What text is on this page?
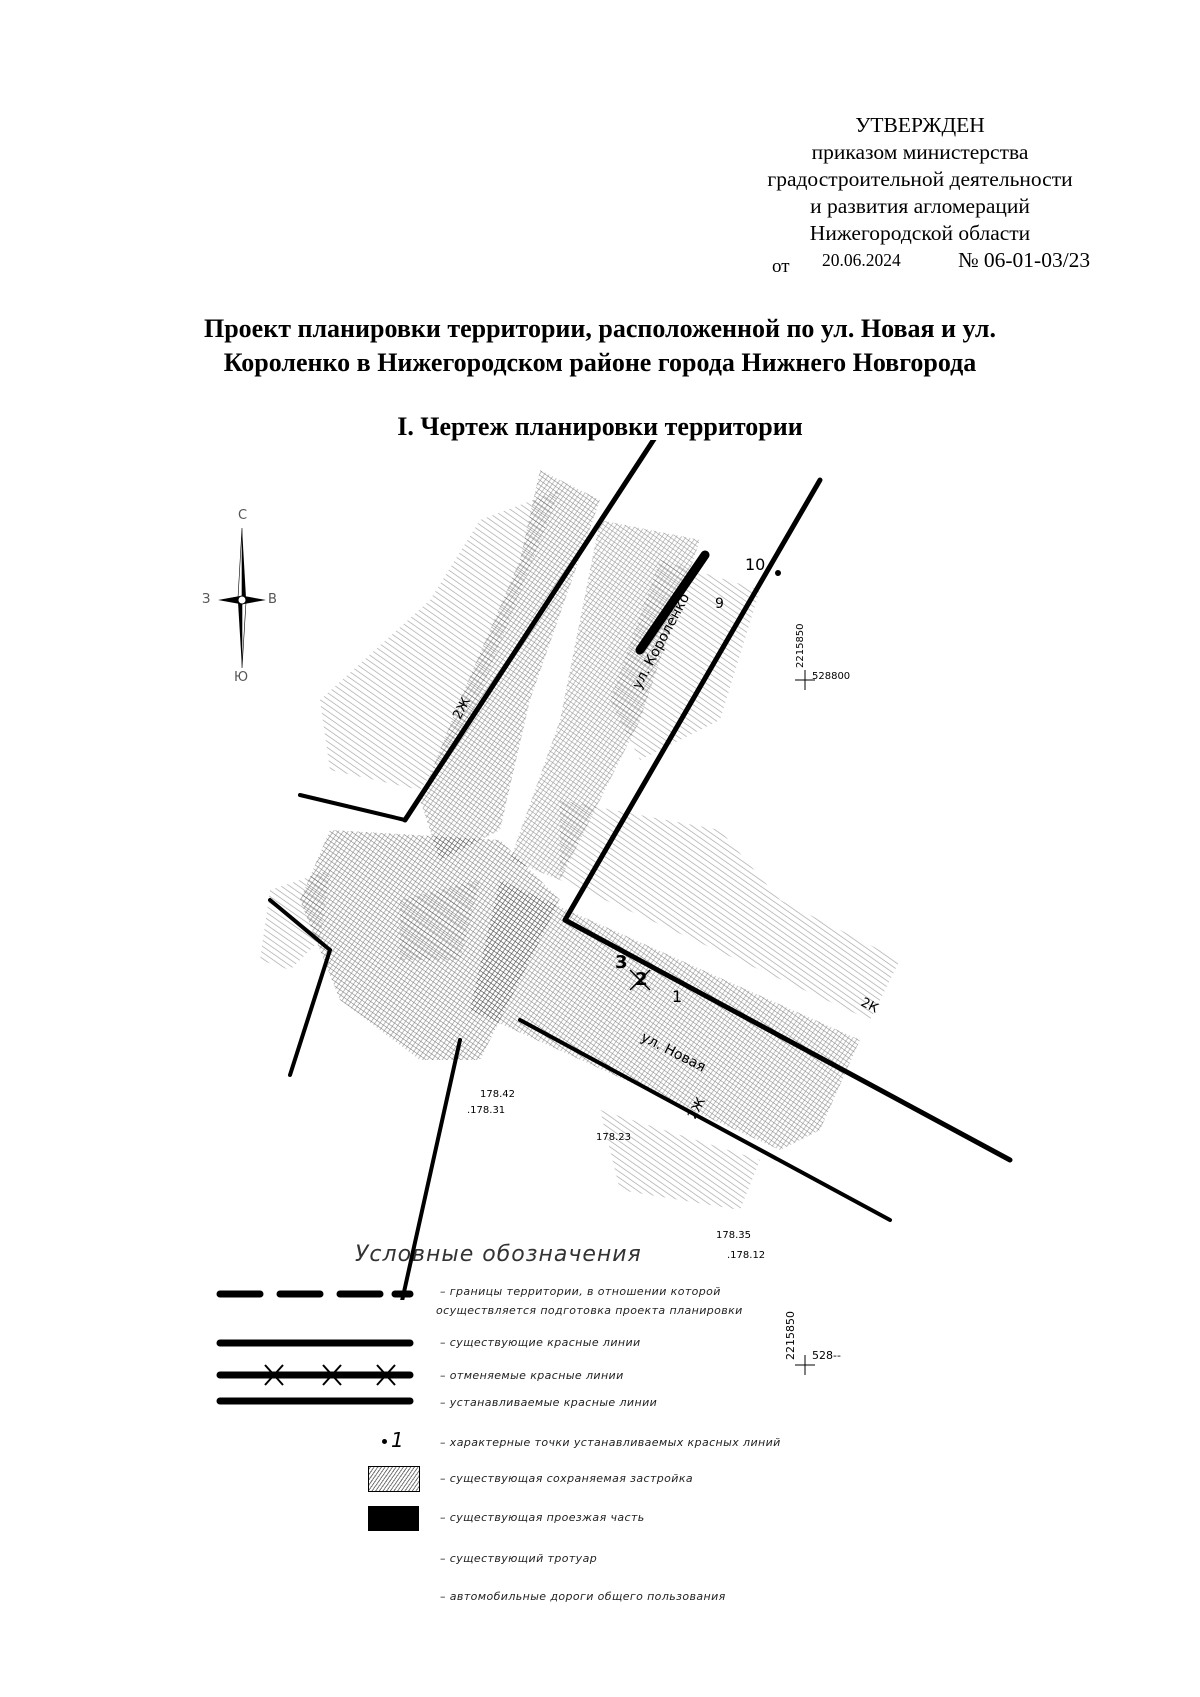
УТВЕРЖДЕН
приказом министерства
градостроительной деятельности
и развития агломераций
Нижегородской области
от 20.06.2024	№ 06-01-03/23
Проект планировки территории, расположенной по ул. Новая и ул.
Короленко в Нижегородском районе города Нижнего Новгорода
I. Чертеж планировки территории
С
З	В
Ю
10
9
3
2
1
ул. Короленко
ул. Новая
2Ж
2К
2Ж
178.42
.178.31
178.35
.178.12
178.23
2215850
528800
Условные обозначения
– границы территории, в отношении которой
осуществляется подготовка проекта планировки
– существующие красные линии
– отменяемые красные линии
– устанавливаемые красные линии
1	– характерные точки устанавливаемых красных линий
– существующая сохраняемая застройка
– существующая проезжая часть
– существующий тротуар
– автомобильные дороги общего пользования
2215850 528--
